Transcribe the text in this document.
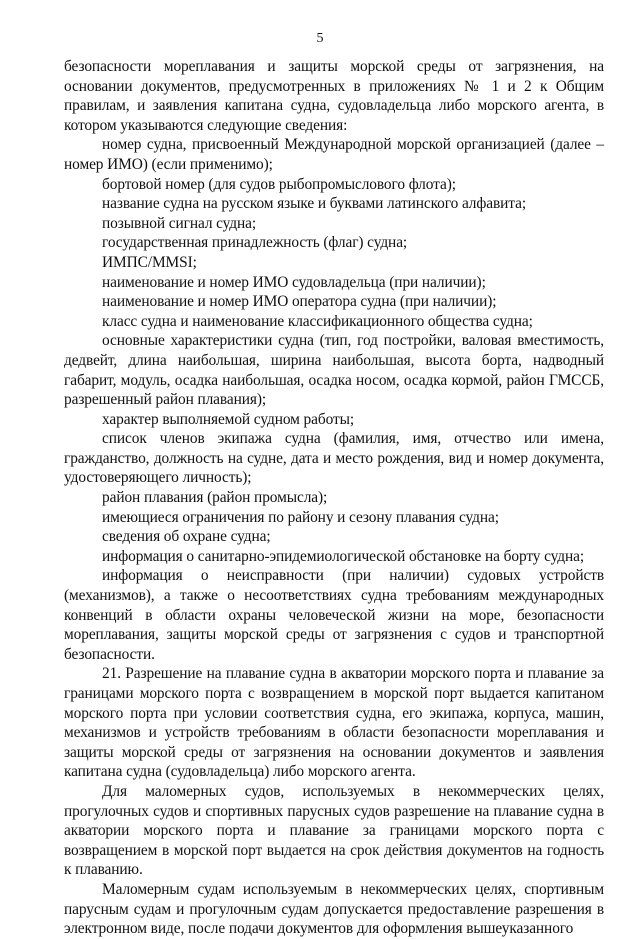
5

безопасности мореплавания и защиты морской среды от загрязнения, на основании документов, предусмотренных в приложениях № 1 и 2 к Общим правилам, и заявления капитана судна, судовладельца либо морского агента, в котором указываются следующие сведения:

номер судна, присвоенный Международной морской организацией (далее – номер ИМО) (если применимо);

бортовой номер (для судов рыбопромыслового флота);

название судна на русском языке и буквами латинского алфавита;

позывной сигнал судна;

государственная принадлежность (флаг) судна;

ИМПС/MMSI;

наименование и номер ИМО судовладельца (при наличии);

наименование и номер ИМО оператора судна (при наличии);

класс судна и наименование классификационного общества судна;

основные характеристики судна (тип, год постройки, валовая вместимость, дедвейт, длина наибольшая, ширина наибольшая, высота борта, надводный габарит, модуль, осадка наибольшая, осадка носом, осадка кормой, район ГМССБ, разрешенный район плавания);

характер выполняемой судном работы;

список членов экипажа судна (фамилия, имя, отчество или имена, гражданство, должность на судне, дата и место рождения, вид и номер документа, удостоверяющего личность);

район плавания (район промысла);

имеющиеся ограничения по району и сезону плавания судна;

сведения об охране судна;

информация о санитарно-эпидемиологической обстановке на борту судна;

информация о неисправности (при наличии) судовых устройств (механизмов), а также о несоответствиях судна требованиям международных конвенций в области охраны человеческой жизни на море, безопасности мореплавания, защиты морской среды от загрязнения с судов и транспортной безопасности.

21. Разрешение на плавание судна в акватории морского порта и плавание за границами морского порта с возвращением в морской порт выдается капитаном морского порта при условии соответствия судна, его экипажа, корпуса, машин, механизмов и устройств требованиям в области безопасности мореплавания и защиты морской среды от загрязнения на основании документов и заявления капитана судна (судовладельца) либо морского агента.

Для маломерных судов, используемых в некоммерческих целях, прогулочных судов и спортивных парусных судов разрешение на плавание судна в акватории морского порта и плавание за границами морского порта с возвращением в морской порт выдается на срок действия документов на годность к плаванию.

Маломерным судам используемым в некоммерческих целях, спортивным парусным судам и прогулочным судам допускается предоставление разрешения в электронном виде, после подачи документов для оформления вышеуказанного
